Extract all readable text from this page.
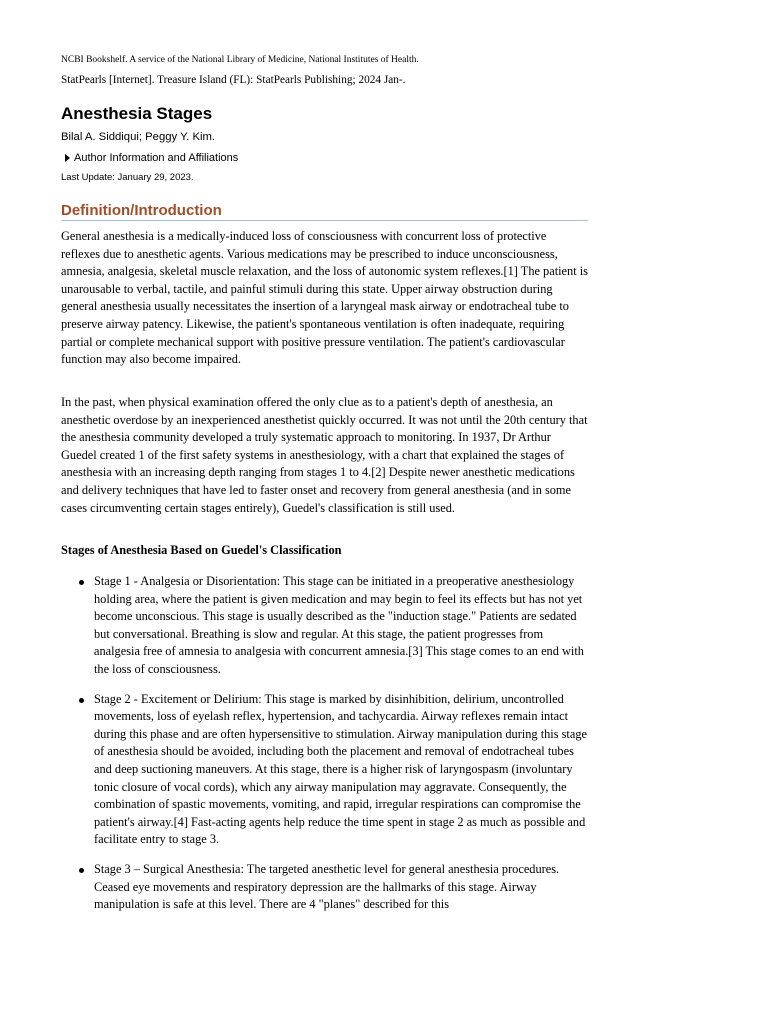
NCBI Bookshelf. A service of the National Library of Medicine, National Institutes of Health.
StatPearls [Internet]. Treasure Island (FL): StatPearls Publishing; 2024 Jan-.
Anesthesia Stages
Bilal A. Siddiqui; Peggy Y. Kim.
Author Information and Affiliations
Last Update: January 29, 2023.
Definition/Introduction

General anesthesia is a medically-induced loss of consciousness with concurrent loss of protective reflexes due to anesthetic agents. Various medications may be prescribed to induce unconsciousness, amnesia, analgesia, skeletal muscle relaxation, and the loss of autonomic system reflexes.[1] The patient is unarousable to verbal, tactile, and painful stimuli during this state. Upper airway obstruction during general anesthesia usually necessitates the insertion of a laryngeal mask airway or endotracheal tube to preserve airway patency. Likewise, the patient's spontaneous ventilation is often inadequate, requiring partial or complete mechanical support with positive pressure ventilation. The patient's cardiovascular function may also become impaired.

In the past, when physical examination offered the only clue as to a patient's depth of anesthesia, an anesthetic overdose by an inexperienced anesthetist quickly occurred. It was not until the 20th century that the anesthesia community developed a truly systematic approach to monitoring. In 1937, Dr Arthur Guedel created 1 of the first safety systems in anesthesiology, with a chart that explained the stages of anesthesia with an increasing depth ranging from stages 1 to 4.[2] Despite newer anesthetic medications and delivery techniques that have led to faster onset and recovery from general anesthesia (and in some cases circumventing certain stages entirely), Guedel's classification is still used.

Stages of Anesthesia Based on Guedel's Classification

Stage 1 - Analgesia or Disorientation: This stage can be initiated in a preoperative anesthesiology holding area, where the patient is given medication and may begin to feel its effects but has not yet become unconscious. This stage is usually described as the "induction stage." Patients are sedated but conversational. Breathing is slow and regular. At this stage, the patient progresses from analgesia free of amnesia to analgesia with concurrent amnesia.[3] This stage comes to an end with the loss of consciousness.
Stage 2 - Excitement or Delirium: This stage is marked by disinhibition, delirium, uncontrolled movements, loss of eyelash reflex, hypertension, and tachycardia. Airway reflexes remain intact during this phase and are often hypersensitive to stimulation. Airway manipulation during this stage of anesthesia should be avoided, including both the placement and removal of endotracheal tubes and deep suctioning maneuvers. At this stage, there is a higher risk of laryngospasm (involuntary tonic closure of vocal cords), which any airway manipulation may aggravate. Consequently, the combination of spastic movements, vomiting, and rapid, irregular respirations can compromise the patient's airway.[4] Fast-acting agents help reduce the time spent in stage 2 as much as possible and facilitate entry to stage 3.
Stage 3 – Surgical Anesthesia: The targeted anesthetic level for general anesthesia procedures. Ceased eye movements and respiratory depression are the hallmarks of this stage. Airway manipulation is safe at this level. There are 4 "planes" described for this
